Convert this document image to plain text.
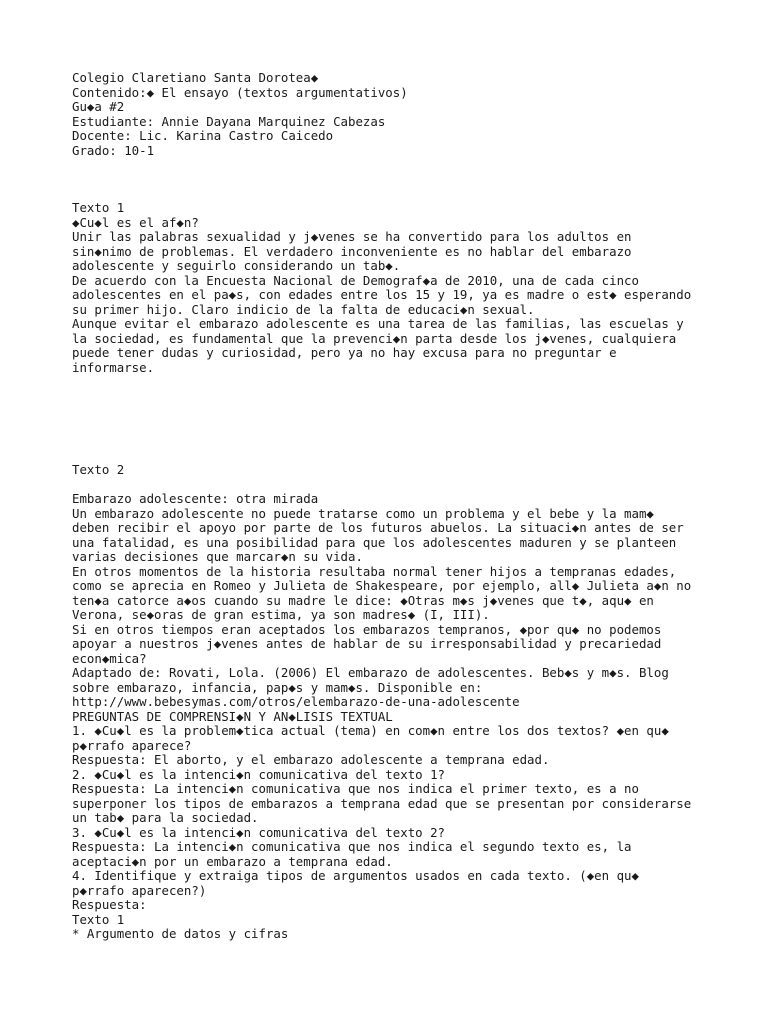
Colegio Claretiano Santa Dorotea◆
Contenido:◆ El ensayo (textos argumentativos)
Gu◆a #2
Estudiante: Annie Dayana Marquinez Cabezas
Docente: Lic. Karina Castro Caicedo
Grado: 10-1
Texto 1
◆Cu◆l es el af◆n?
Unir las palabras sexualidad y j◆venes se ha convertido para los adultos en
sin◆nimo de problemas. El verdadero inconveniente es no hablar del embarazo
adolescente y seguirlo considerando un tab◆.
De acuerdo con la Encuesta Nacional de Demograf◆a de 2010, una de cada cinco
adolescentes en el pa◆s, con edades entre los 15 y 19, ya es madre o est◆ esperando
su primer hijo. Claro indicio de la falta de educaci◆n sexual.
Aunque evitar el embarazo adolescente es una tarea de las familias, las escuelas y
la sociedad, es fundamental que la prevenci◆n parta desde los j◆venes, cualquiera
puede tener dudas y curiosidad, pero ya no hay excusa para no preguntar e
informarse.
Texto 2
Embarazo adolescente: otra mirada
Un embarazo adolescente no puede tratarse como un problema y el bebe y la mam◆
deben recibir el apoyo por parte de los futuros abuelos. La situaci◆n antes de ser
una fatalidad, es una posibilidad para que los adolescentes maduren y se planteen
varias decisiones que marcar◆n su vida.
En otros momentos de la historia resultaba normal tener hijos a tempranas edades,
como se aprecia en Romeo y Julieta de Shakespeare, por ejemplo, all◆ Julieta a◆n no
ten◆a catorce a◆os cuando su madre le dice: ◆Otras m◆s j◆venes que t◆, aqu◆ en
Verona, se◆oras de gran estima, ya son madres◆ (I, III).
Si en otros tiempos eran aceptados los embarazos tempranos, ◆por qu◆ no podemos
apoyar a nuestros j◆venes antes de hablar de su irresponsabilidad y precariedad
econ◆mica?
Adaptado de: Rovati, Lola. (2006) El embarazo de adolescentes. Beb◆s y m◆s. Blog
sobre embarazo, infancia, pap◆s y mam◆s. Disponible en:
http://www.bebesymas.com/otros/elembarazo-de-una-adolescente
PREGUNTAS DE COMPRENSI◆N Y AN◆LISIS TEXTUAL
1. ◆Cu◆l es la problem◆tica actual (tema) en com◆n entre los dos textos? ◆en qu◆
p◆rrafo aparece?
Respuesta: El aborto, y el embarazo adolescente a temprana edad.
2. ◆Cu◆l es la intenci◆n comunicativa del texto 1?
Respuesta: La intenci◆n comunicativa que nos indica el primer texto, es a no
superponer los tipos de embarazos a temprana edad que se presentan por considerarse
un tab◆ para la sociedad.
3. ◆Cu◆l es la intenci◆n comunicativa del texto 2?
Respuesta: La intenci◆n comunicativa que nos indica el segundo texto es, la
aceptaci◆n por un embarazo a temprana edad.
4. Identifique y extraiga tipos de argumentos usados en cada texto. (◆en qu◆
p◆rrafo aparecen?)
Respuesta:
Texto 1
* Argumento de datos y cifras
